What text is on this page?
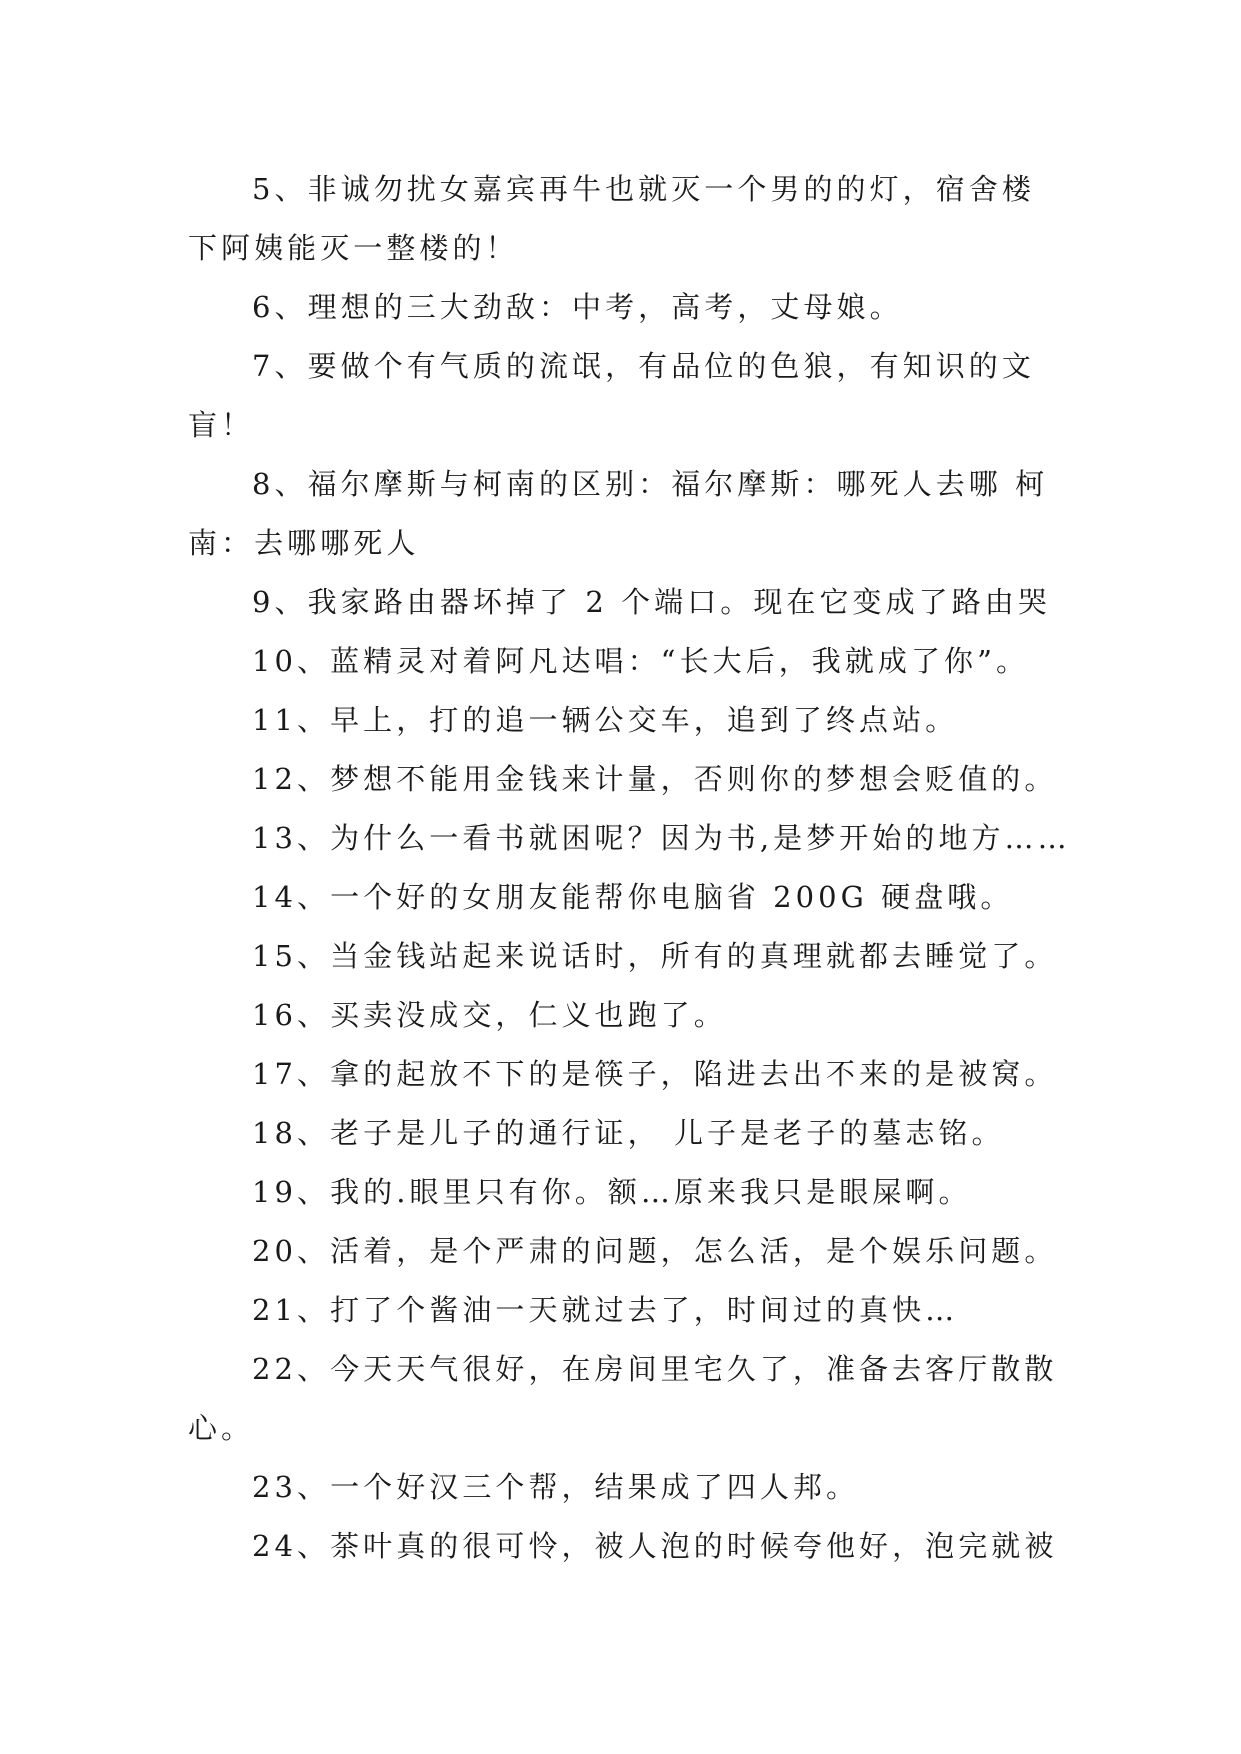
5、非诚勿扰女嘉宾再牛也就灭一个男的的灯，宿舍楼
下阿姨能灭一整楼的！
6、理想的三大劲敌：中考，高考，丈母娘。
7、要做个有气质的流氓，有品位的色狼，有知识的文
盲！
8、福尔摩斯与柯南的区别：福尔摩斯：哪死人去哪 柯
南：去哪哪死人
9、我家路由器坏掉了 2 个端口。现在它变成了路由哭
10、蓝精灵对着阿凡达唱：“长大后，我就成了你”。
11、早上，打的追一辆公交车，追到了终点站。
12、梦想不能用金钱来计量，否则你的梦想会贬值的。
13、为什么一看书就困呢？因为书,是梦开始的地方……
14、一个好的女朋友能帮你电脑省 200G 硬盘哦。
15、当金钱站起来说话时，所有的真理就都去睡觉了。
16、买卖没成交，仁义也跑了。
17、拿的起放不下的是筷子，陷进去出不来的是被窝。
18、老子是儿子的通行证， 儿子是老子的墓志铭。
19、我的.眼里只有你。额…原来我只是眼屎啊。
20、活着，是个严肃的问题，怎么活，是个娱乐问题。
21、打了个酱油一天就过去了，时间过的真快…
22、今天天气很好，在房间里宅久了，准备去客厅散散
心。
23、一个好汉三个帮，结果成了四人邦。
24、茶叶真的很可怜，被人泡的时候夸他好，泡完就被
